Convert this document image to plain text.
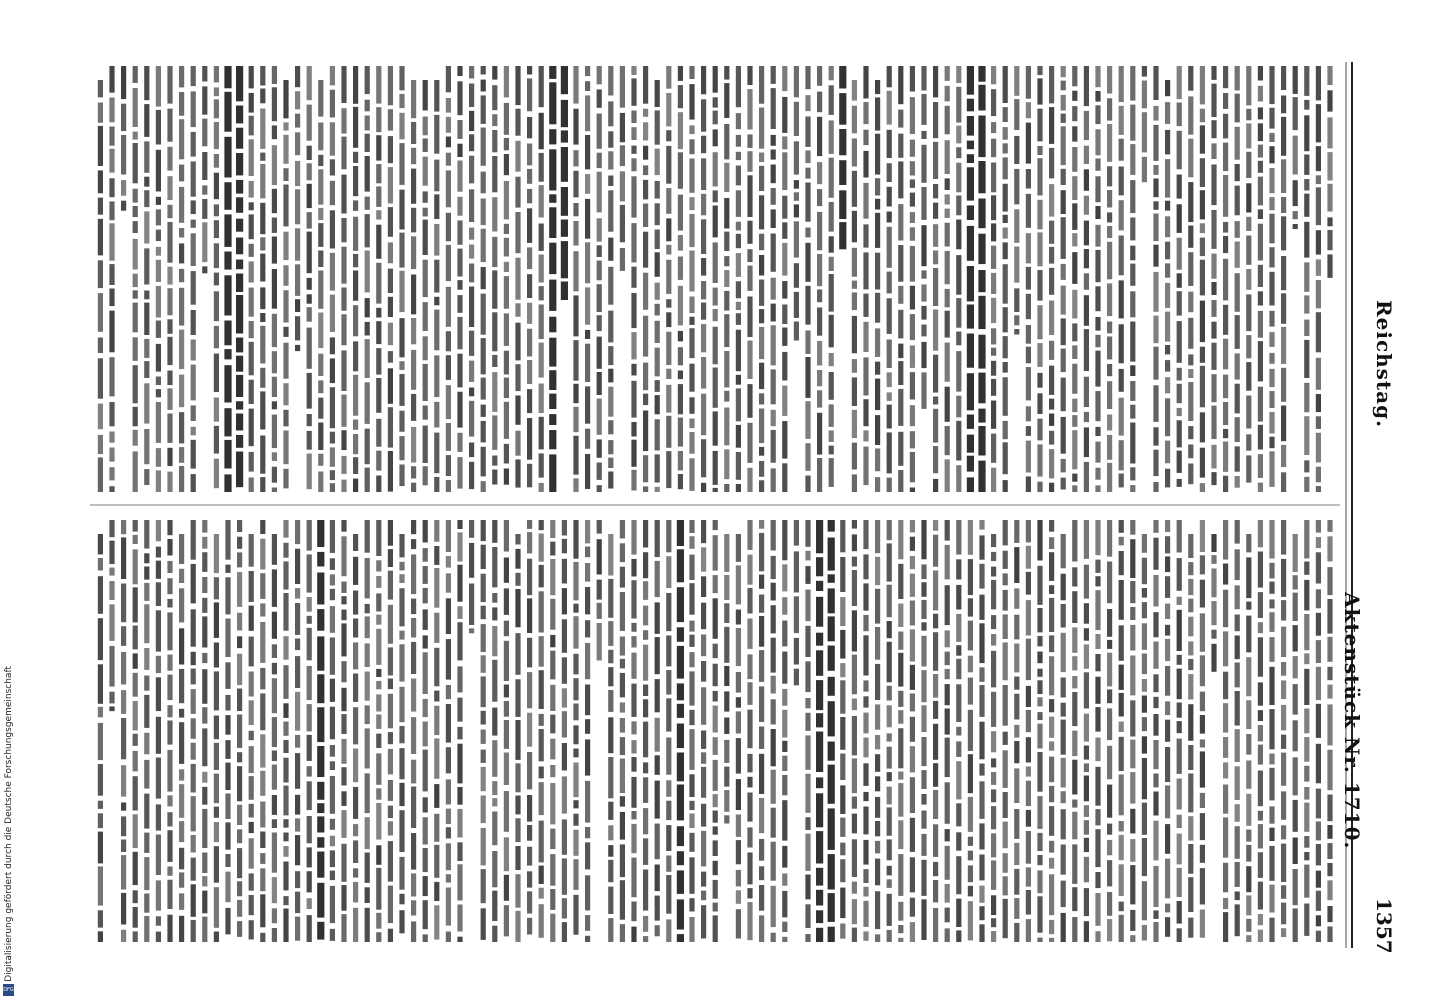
Reichstag.
Aktenstück Nr. 1710.
1357
Digitalisierung gefördert durch die Deutsche Forschungsgemeinschaft
DFG
